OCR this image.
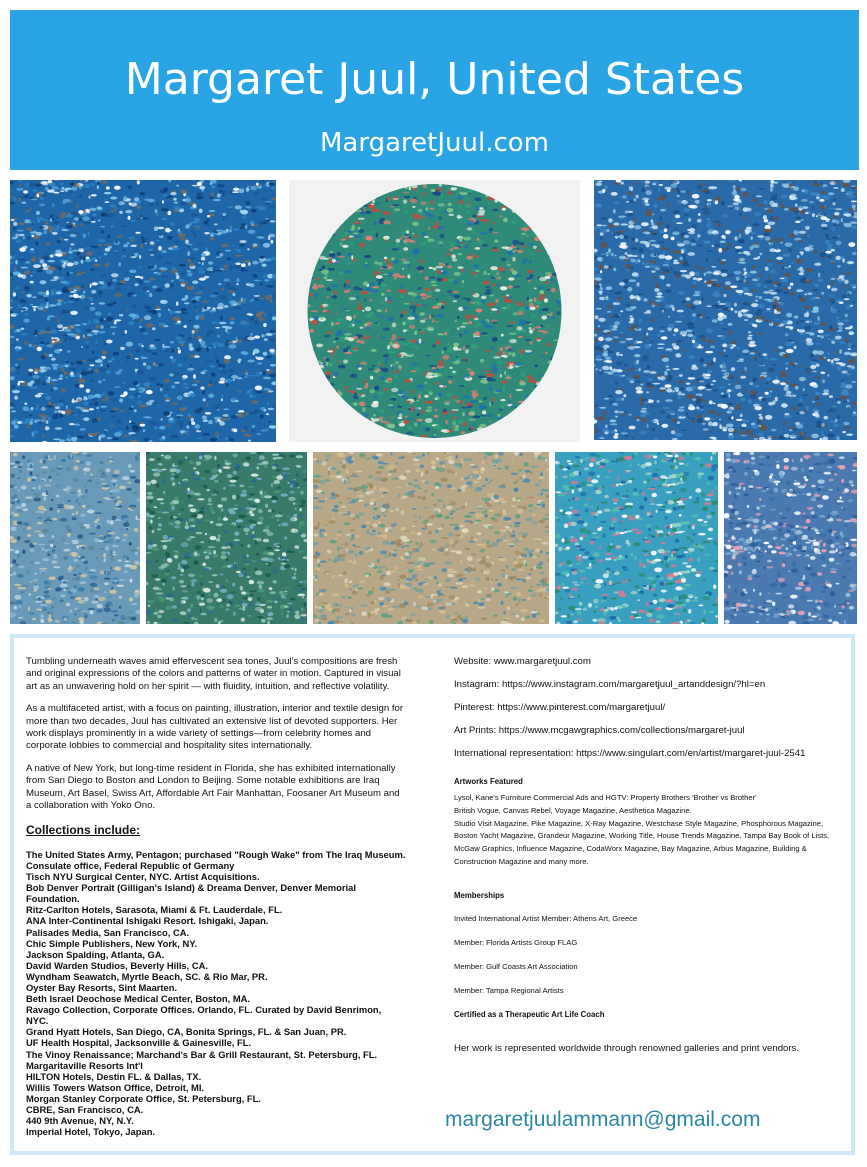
Margaret Juul, United States
MargaretJuul.com

Tumbling underneath waves amid effervescent sea tones, Juul's compositions are fresh and original expressions of the colors and patterns of water in motion. Captured in visual art as an unwavering hold on her spirit — with fluidity, intuition, and reflective volatility.

As a multifaceted artist, with a focus on painting, illustration, interior and textile design for more than two decades, Juul has cultivated an extensive list of devoted supporters. Her work displays prominently in a wide variety of settings—from celebrity homes and corporate lobbies to commercial and hospitality sites internationally.

A native of New York, but long-time resident in Florida, she has exhibited internationally from San Diego to Boston and London to Beijing. Some notable exhibitions are Iraq Museum, Art Basel, Swiss Art, Affordable Art Fair Manhattan, Foosaner Art Museum and a collaboration with Yoko Ono.

Collections include:
The United States Army, Pentagon; purchased "Rough Wake" from The Iraq Museum.
Consulate office, Federal Republic of Germany
Tisch NYU Surgical Center, NYC. Artist Acquisitions.
Bob Denver Portrait (Gilligan's Island) & Dreama Denver, Denver Memorial Foundation.
Ritz-Carlton Hotels, Sarasota, Miami & Ft. Lauderdale, FL.
ANA Inter-Continental Ishigaki Resort. Ishigaki, Japan.
Palisades Media, San Francisco, CA.
Chic Simple Publishers, New York, NY.
Jackson Spalding, Atlanta, GA.
David Warden Studios, Beverly Hills, CA.
Wyndham Seawatch, Myrtle Beach, SC. & Rio Mar, PR.
Oyster Bay Resorts, Sint Maarten.
Beth Israel Deochose Medical Center, Boston, MA.
Ravago Collection, Corporate Offices. Orlando, FL. Curated by David Benrimon, NYC.
Grand Hyatt Hotels, San Diego, CA, Bonita Springs, FL. & San Juan, PR.
UF Health Hospital, Jacksonville & Gainesville, FL.
The Vinoy Renaissance; Marchand's Bar & Grill Restaurant, St. Petersburg, FL.
Margaritaville Resorts Int'l
HILTON Hotels, Destin FL. & Dallas, TX.
Willis Towers Watson Office, Detroit, MI.
Morgan Stanley Corporate Office, St. Petersburg, FL.
CBRE, San Francisco, CA.
440 9th Avenue, NY, N.Y.
Imperial Hotel, Tokyo, Japan.
Website: www.margaretjuul.com
Instagram: https://www.instagram.com/margaretjuul_artanddesign/?hl=en
Pinterest: https://www.pinterest.com/margaretjuul/
Art Prints: https://www.mcgawgraphics.com/collections/margaret-juul
International representation: https://www.singulart.com/en/artist/margaret-juul-2541
Artworks Featured
Lysol, Kane's Furniture Commercial Ads and HGTV: Property Brothers 'Brother vs Brother'
British Vogue, Canvas Rebel, Voyage Magazine, Aesthetica Magazine.
Studio Visit Magazine, Pike Magazine, X-Ray Magazine, Westchase Style Magazine, Phosphorous Magazine, Boston Yacht Magazine, Grandeur Magazine, Working Title, House Trends Magazine, Tampa Bay Book of Lists, McGaw Graphics, Influence Magazine, CodaWorx Magazine, Bay Magazine, Arbus Magazine, Building & Construction Magazine and many more.
Memberships
Invited International Artist Member: Athens Art, Greece
Member: Florida Artists Group FLAG
Member: Gulf Coasts Art Association
Member: Tampa Regional Artists
Certified as a Therapeutic Art Life Coach
Her work is represented worldwide through renowned galleries and print vendors.
margaretjuulammann@gmail.com
